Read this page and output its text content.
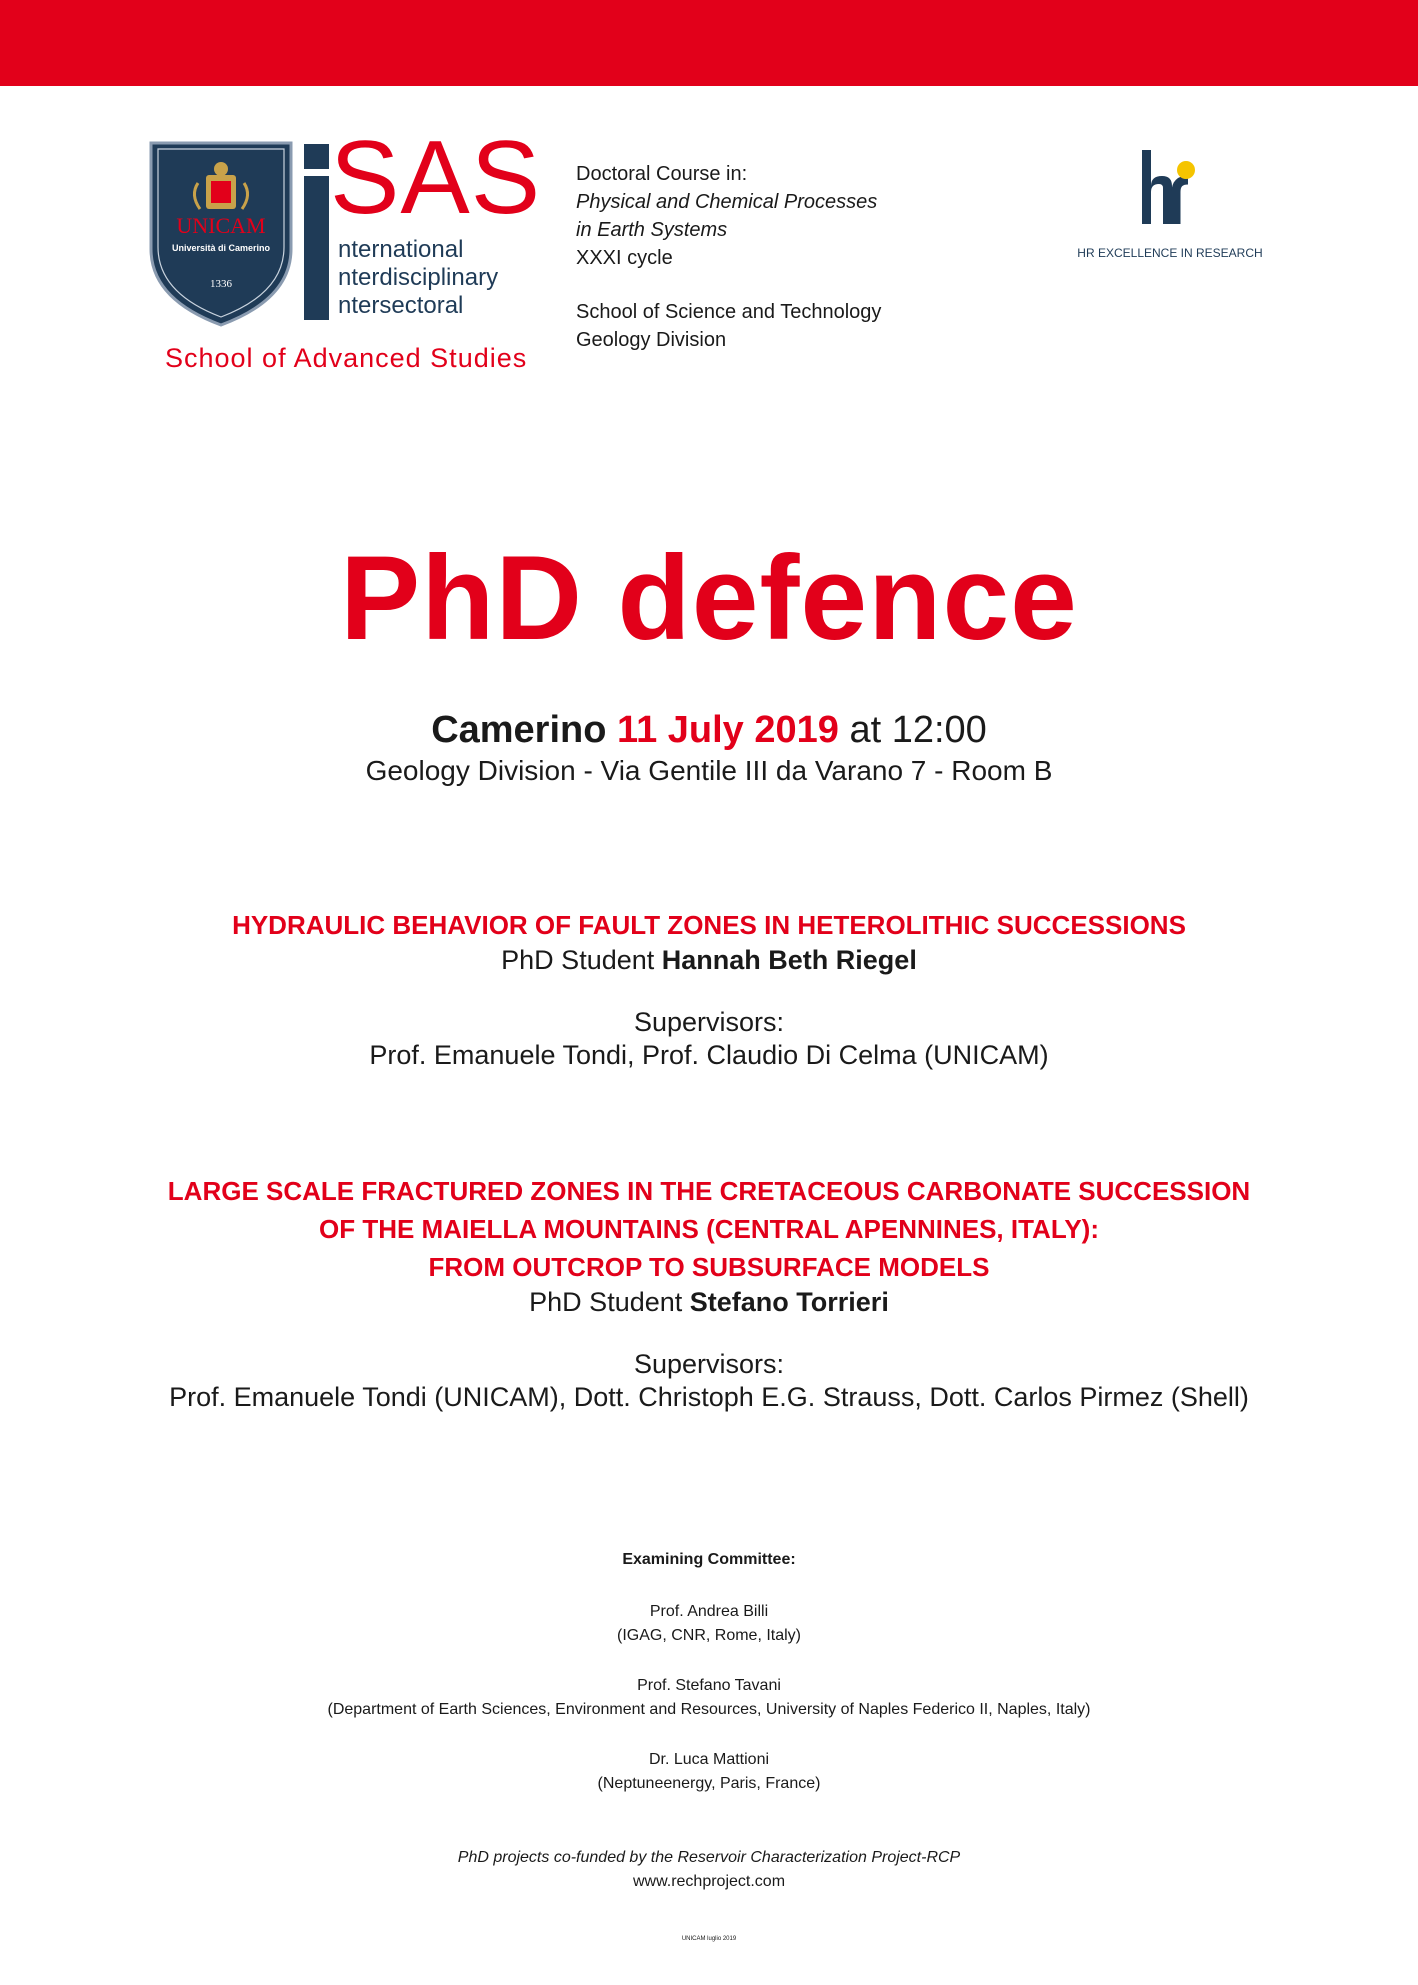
UNICAM
Università di Camerino
1336
SAS
nternational
nterdisciplinary
ntersectoral
School of Advanced Studies
Doctoral Course in:
Physical and Chemical Processes
in Earth Systems
XXXI cycle
School of Science and Technology
Geology Division
HR EXCELLENCE IN RESEARCH
PhD defence
Camerino 11 July 2019 at 12:00
Geology Division - Via Gentile III da Varano 7 - Room B
HYDRAULIC BEHAVIOR OF FAULT ZONES IN HETEROLITHIC SUCCESSIONS
PhD Student Hannah Beth Riegel
Supervisors:
Prof. Emanuele Tondi, Prof. Claudio Di Celma (UNICAM)
LARGE SCALE FRACTURED ZONES IN THE CRETACEOUS CARBONATE SUCCESSION
OF THE MAIELLA MOUNTAINS (CENTRAL APENNINES, ITALY):
FROM OUTCROP TO SUBSURFACE MODELS
PhD Student Stefano Torrieri
Supervisors:
Prof. Emanuele Tondi (UNICAM), Dott. Christoph E.G. Strauss, Dott. Carlos Pirmez (Shell)
Examining Committee:
Prof. Andrea Billi
(IGAG, CNR, Rome, Italy)
Prof. Stefano Tavani
(Department of Earth Sciences, Environment and Resources, University of Naples Federico II, Naples, Italy)
Dr. Luca Mattioni
(Neptuneenergy, Paris, France)
PhD projects co-funded by the Reservoir Characterization Project-RCP
www.rechproject.com
UNICAM luglio 2019
